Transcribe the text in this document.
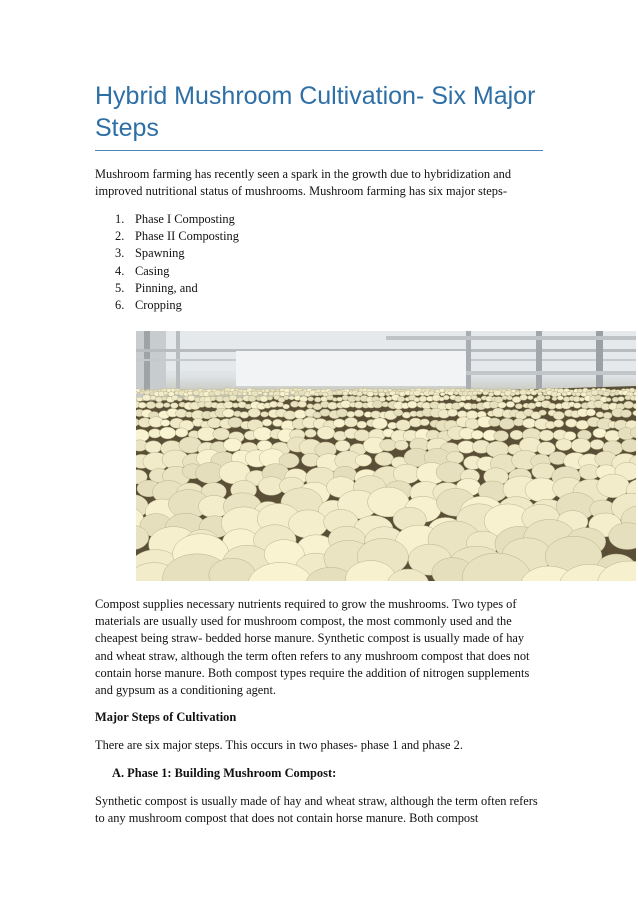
Hybrid Mushroom Cultivation- Six Major Steps

Mushroom farming has recently seen a spark in the growth due to hybridization and improved nutritional status of mushrooms. Mushroom farming has six major steps-

1. Phase I Composting
2. Phase II Composting
3. Spawning
4. Casing
5. Pinning, and
6. Cropping

Compost supplies necessary nutrients required to grow the mushrooms. Two types of materials are usually used for mushroom compost, the most commonly used and the cheapest being straw- bedded horse manure. Synthetic compost is usually made of hay and wheat straw, although the term often refers to any mushroom compost that does not contain horse manure. Both compost types require the addition of nitrogen supplements and gypsum as a conditioning agent.

Major Steps of Cultivation

There are six major steps. This occurs in two phases- phase 1 and phase 2.

A. Phase 1: Building Mushroom Compost:

Synthetic compost is usually made of hay and wheat straw, although the term often refers to any mushroom compost that does not contain horse manure. Both compost
